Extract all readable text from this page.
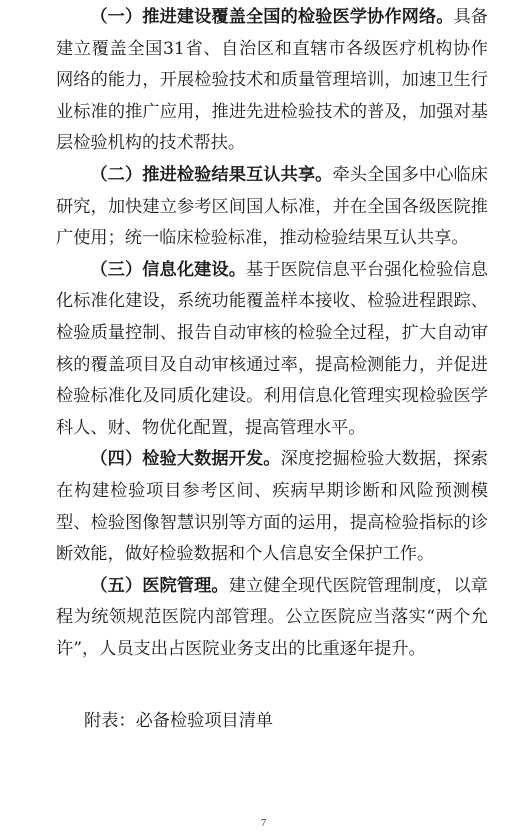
（一）推进建设覆盖全国的检验医学协作网络。具备建立覆盖全国31省、自治区和直辖市各级医疗机构协作网络的能力，开展检验技术和质量管理培训，加速卫生行业标准的推广应用，推进先进检验技术的普及，加强对基层检验机构的技术帮扶。

（二）推进检验结果互认共享。牵头全国多中心临床研究，加快建立参考区间国人标准，并在全国各级医院推广使用；统一临床检验标准，推动检验结果互认共享。

（三）信息化建设。基于医院信息平台强化检验信息化标准化建设，系统功能覆盖样本接收、检验进程跟踪、检验质量控制、报告自动审核的检验全过程，扩大自动审核的覆盖项目及自动审核通过率，提高检测能力，并促进检验标准化及同质化建设。利用信息化管理实现检验医学科人、财、物优化配置，提高管理水平。

（四）检验大数据开发。深度挖掘检验大数据，探索在构建检验项目参考区间、疾病早期诊断和风险预测模型、检验图像智慧识别等方面的运用，提高检验指标的诊断效能，做好检验数据和个人信息安全保护工作。

（五）医院管理。建立健全现代医院管理制度，以章程为统领规范医院内部管理。公立医院应当落实“两个允许”，人员支出占医院业务支出的比重逐年提升。

附表：必备检验项目清单

7
